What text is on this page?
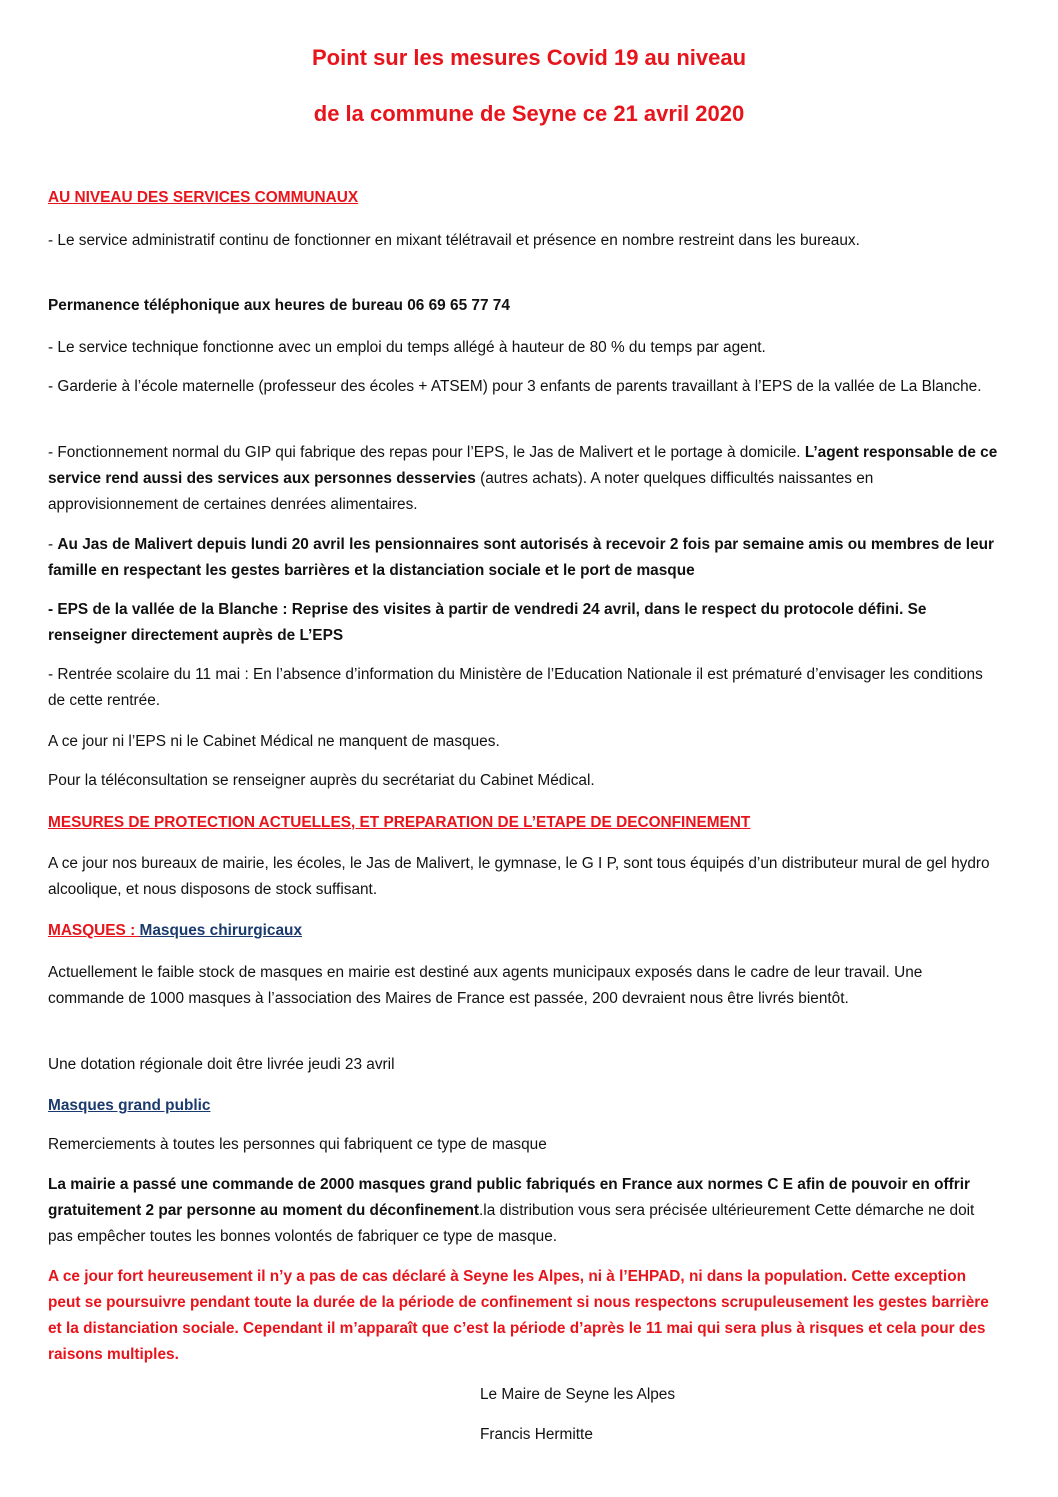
Point sur les mesures Covid 19 au niveau
de la commune de Seyne ce 21 avril 2020

AU NIVEAU DES SERVICES COMMUNAUX

- Le service administratif continu de fonctionner en mixant télétravail et présence en nombre restreint dans les bureaux.

Permanence téléphonique aux heures de bureau 06 69 65 77 74

- Le service technique fonctionne avec un emploi du temps allégé à hauteur de 80 % du temps par agent.

- Garderie à l’école maternelle (professeur des écoles + ATSEM) pour 3 enfants de parents travaillant à l’EPS de la vallée de La Blanche.

- Fonctionnement normal du GIP qui fabrique des repas pour l’EPS, le Jas de Malivert et le portage à domicile. L’agent responsable de ce service rend aussi des services aux personnes desservies (autres achats). A noter quelques difficultés naissantes en approvisionnement de certaines denrées alimentaires.

- Au Jas de Malivert depuis lundi 20 avril les pensionnaires sont autorisés à recevoir 2 fois par semaine amis ou membres de leur famille en respectant les gestes barrières et la distanciation sociale et le port de masque

- EPS de la vallée de la Blanche : Reprise des visites à partir de vendredi 24 avril, dans le respect du protocole défini. Se renseigner directement auprès de L’EPS

- Rentrée scolaire du 11 mai : En l’absence d’information du Ministère de l’Education Nationale il est prématuré d’envisager les conditions de cette rentrée.

A ce jour ni l’EPS ni le Cabinet Médical ne manquent de masques.

Pour la téléconsultation se renseigner auprès du secrétariat du Cabinet Médical.

MESURES DE PROTECTION ACTUELLES, ET PREPARATION DE L’ETAPE DE DECONFINEMENT

A ce jour nos bureaux de mairie, les écoles, le Jas de Malivert, le gymnase, le G I P, sont tous équipés d’un distributeur mural de gel hydro alcoolique, et nous disposons de stock suffisant.

MASQUES : Masques chirurgicaux

Actuellement le faible stock de masques en mairie est destiné aux agents municipaux exposés dans le cadre de leur travail. Une commande de 1000 masques à l’association des Maires de France est passée, 200 devraient nous être livrés bientôt.

Une dotation régionale doit être livrée jeudi 23 avril

Masques grand public

Remerciements à toutes les personnes qui fabriquent ce type de masque

La mairie a passé une commande de 2000 masques grand public fabriqués en France aux normes C E afin de pouvoir en offrir gratuitement 2 par personne au moment du déconfinement.la distribution vous sera précisée ultérieurement Cette démarche ne doit pas empêcher toutes les bonnes volontés de fabriquer ce type de masque.

A ce jour fort heureusement il n’y a pas de cas déclaré à Seyne les Alpes, ni à l’EHPAD, ni dans la population. Cette exception peut se poursuivre pendant toute la durée de la période de confinement si nous respectons scrupuleusement les gestes barrière et la distanciation sociale. Cependant il m’apparaît que c’est la période d’après le 11 mai qui sera plus à risques et cela pour des raisons multiples.

Le Maire de Seyne les Alpes
Francis Hermitte
